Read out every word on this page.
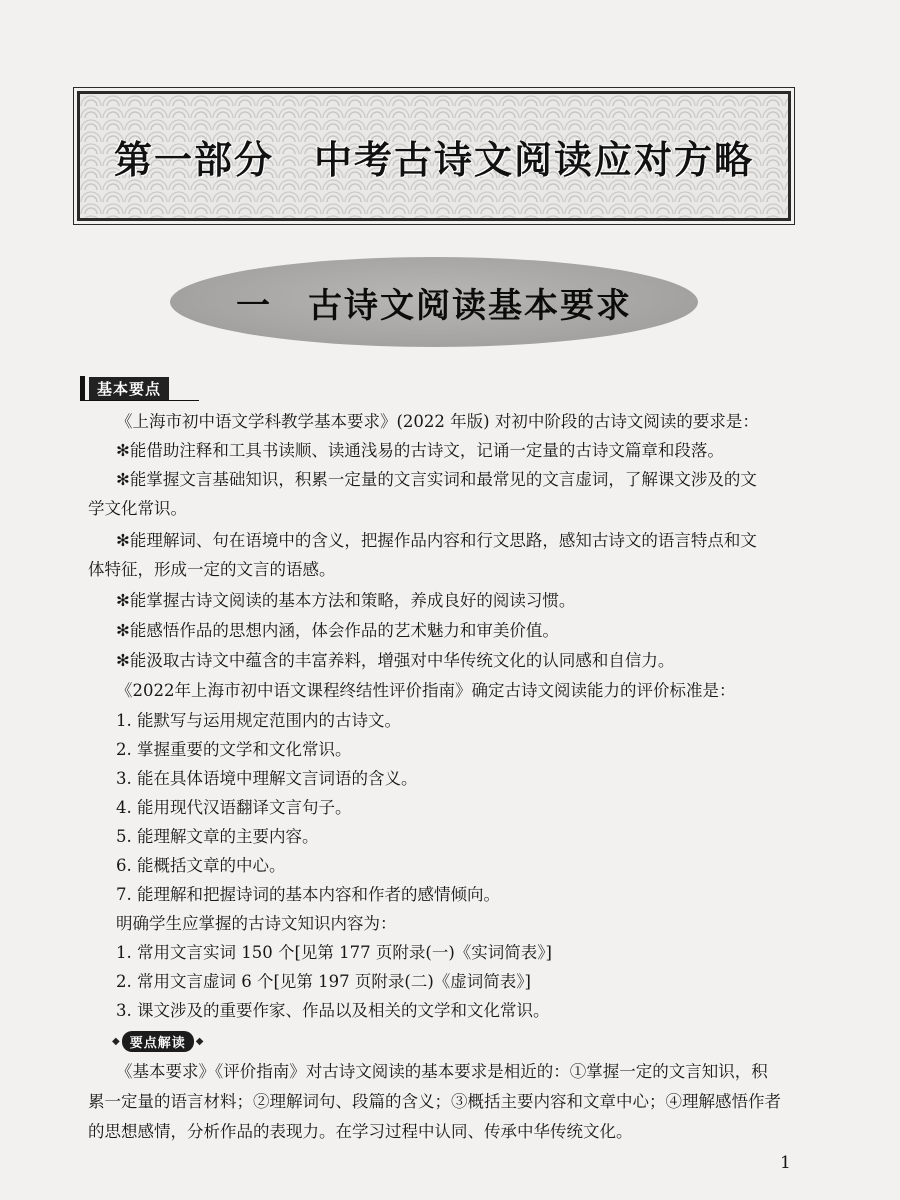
第一部分 中考古诗文阅读应对方略
一 古诗文阅读基本要求
基本要点
《上海市初中语文学科教学基本要求》(2022 年版) 对初中阶段的古诗文阅读的要求是：
✻能借助注释和工具书读顺、读通浅易的古诗文，记诵一定量的古诗文篇章和段落。
✻能掌握文言基础知识，积累一定量的文言实词和最常见的文言虚词，了解课文涉及的文
学文化常识。
✻能理解词、句在语境中的含义，把握作品内容和行文思路，感知古诗文的语言特点和文
体特征，形成一定的文言的语感。
✻能掌握古诗文阅读的基本方法和策略，养成良好的阅读习惯。
✻能感悟作品的思想内涵，体会作品的艺术魅力和审美价值。
✻能汲取古诗文中蕴含的丰富养料，增强对中华传统文化的认同感和自信力。
《2022年上海市初中语文课程终结性评价指南》确定古诗文阅读能力的评价标准是：
1. 能默写与运用规定范围内的古诗文。
2. 掌握重要的文学和文化常识。
3. 能在具体语境中理解文言词语的含义。
4. 能用现代汉语翻译文言句子。
5. 能理解文章的主要内容。
6. 能概括文章的中心。
7. 能理解和把握诗词的基本内容和作者的感情倾向。
明确学生应掌握的古诗文知识内容为：
1. 常用文言实词 150 个[见第 177 页附录(一)《实词简表》]
2. 常用文言虚词 6 个[见第 197 页附录(二)《虚词简表》]
3. 课文涉及的重要作家、作品以及相关的文学和文化常识。
◆ 要点解读	◆
《基本要求》《评价指南》对古诗文阅读的基本要求是相近的：①掌握一定的文言知识，积
累一定量的语言材料；②理解词句、段篇的含义；③概括主要内容和文章中心；④理解感悟作者
的思想感情，分析作品的表现力。在学习过程中认同、传承中华传统文化。
1
